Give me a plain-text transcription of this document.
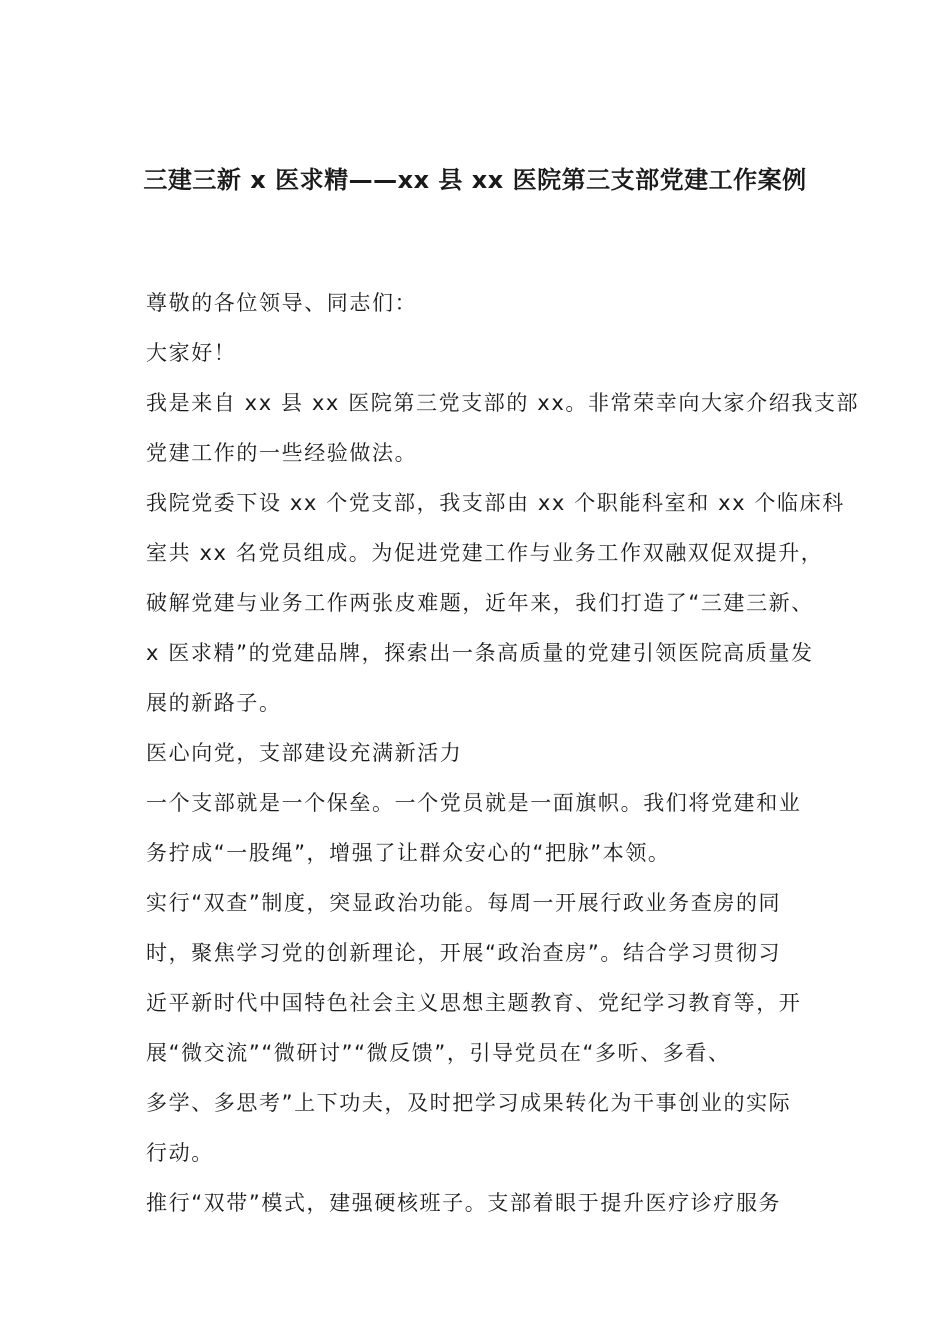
三建三新 x 医求精——xx 县 xx 医院第三支部党建工作案例

尊敬的各位领导、同志们：

大家好！

我是来自 xx 县 xx 医院第三党支部的 xx。非常荣幸向大家介绍我支部

党建工作的一些经验做法。

我院党委下设 xx 个党支部，我支部由 xx 个职能科室和 xx 个临床科

室共 xx 名党员组成。为促进党建工作与业务工作双融双促双提升，

破解党建与业务工作两张皮难题，近年来，我们打造了“三建三新、

x 医求精”的党建品牌，探索出一条高质量的党建引领医院高质量发

展的新路子。

医心向党，支部建设充满新活力

一个支部就是一个保垒。一个党员就是一面旗帜。我们将党建和业

务拧成“一股绳”，增强了让群众安心的“把脉”本领。

实行“双查”制度，突显政治功能。每周一开展行政业务查房的同

时，聚焦学习党的创新理论，开展“政治查房”。结合学习贯彻习

近平新时代中国特色社会主义思想主题教育、党纪学习教育等，开

展“微交流”“微研讨”“微反馈”，引导党员在“多听、多看、

多学、多思考”上下功夫，及时把学习成果转化为干事创业的实际

行动。

推行“双带”模式，建强硬核班子。支部着眼于提升医疗诊疗服务
